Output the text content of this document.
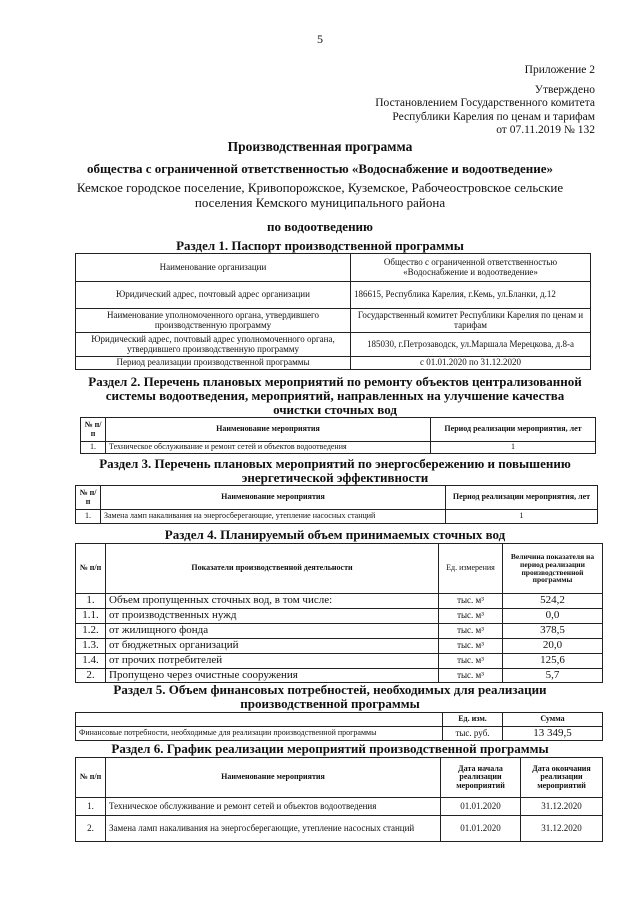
5
Приложение 2
Утверждено
Постановлением Государственного комитета
Республики Карелия по ценам и тарифам
от 07.11.2019 № 132
Производственная программа
общества с ограниченной ответственностью «Водоснабжение и водоотведение»
Кемское городское поселение, Кривопорожское, Куземское, Рабочеостровское сельские
поселения Кемского муниципального района
по водоотведению
Раздел 1. Паспорт производственной программы
Наименование организации	Общество с ограниченной ответственностью «Водоснабжение и водоотведение»
Юридический адрес, почтовый адрес организации	186615, Республика Карелия, г.Кемь, ул.Бланки, д.12
Наименование уполномоченного органа, утвердившего производственную программу	Государственный комитет Республики Карелия по ценам и тарифам
Юридический адрес, почтовый адрес уполномоченного органа, утвердившего производственную программу	185030, г.Петрозаводск, ул.Маршала Мерецкова, д.8-а
Период реализации производственной программы	с 01.01.2020 по 31.12.2020
Раздел 2. Перечень плановых мероприятий по ремонту объектов централизованной
системы водоотведения, мероприятий, направленных на улучшение качества
очистки сточных вод
№ п/п	Наименование мероприятия	Период реализации мероприятия, лет
1.	Техническое обслуживание и ремонт сетей и объектов водоотведения	1
Раздел 3. Перечень плановых мероприятий по энергосбережению и повышению
энергетической эффективности
№ п/п	Наименование мероприятия	Период реализации мероприятия, лет
1.	Замена ламп накаливания на энергосберегающие, утепление насосных станций	1
Раздел 4. Планируемый объем принимаемых сточных вод
№ п/п	Показатели производственной деятельности	Ед. измерения	Величина показателя на период реализации производственной программы
1.	Объем пропущенных сточных вод, в том числе:	тыс. м³	524,2
1.1.	от производственных нужд	тыс. м³	0,0
1.2.	от жилищного фонда	тыс. м³	378,5
1.3.	от бюджетных организаций	тыс. м³	20,0
1.4.	от прочих потребителей	тыс. м³	125,6
2.	Пропущено через очистные сооружения	тыс. м³	5,7
Раздел 5. Объем финансовых потребностей, необходимых для реализации
производственной программы
	Ед. изм.	Сумма
Финансовые потребности, необходимые для реализации производственной программы	тыс. руб.	13 349,5
Раздел 6. График реализации мероприятий производственной программы
№ п/п	Наименование мероприятия	Дата начала реализации мероприятий	Дата окончания реализации мероприятий
1.	Техническое обслуживание и ремонт сетей и объектов водоотведения	01.01.2020	31.12.2020
2.	Замена ламп накаливания на энергосберегающие, утепление насосных станций	01.01.2020	31.12.2020
